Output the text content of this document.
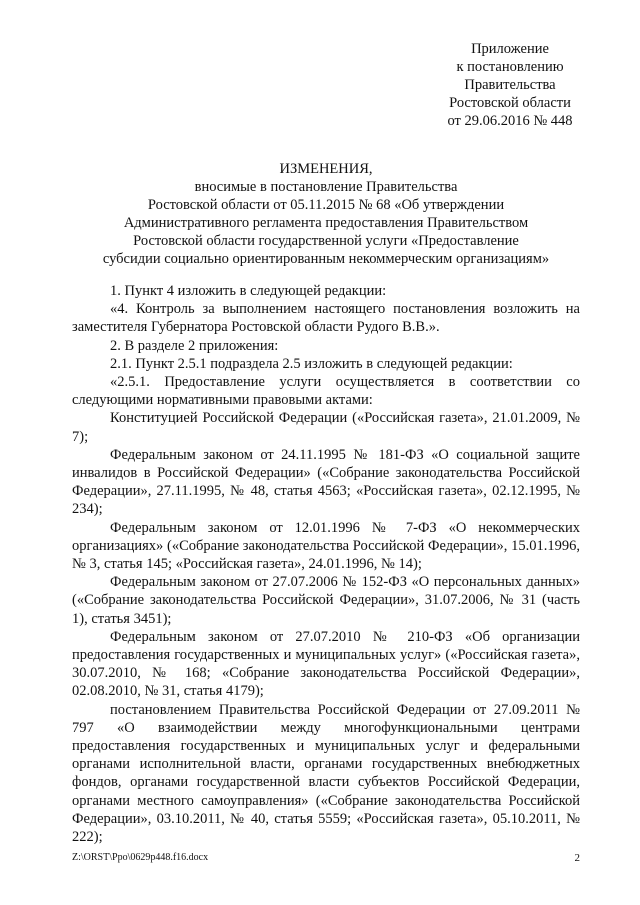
Приложение
к постановлению
Правительства
Ростовской области
от 29.06.2016 № 448
ИЗМЕНЕНИЯ,
вносимые в постановление Правительства
Ростовской области от 05.11.2015 № 68 «Об утверждении
Административного регламента предоставления Правительством
Ростовской области государственной услуги «Предоставление
субсидии социально ориентированным некоммерческим организациям»

1. Пункт 4 изложить в следующей редакции:

«4. Контроль за выполнением настоящего постановления возложить на заместителя Губернатора Ростовской области Рудого В.В.».

2. В разделе 2 приложения:

2.1. Пункт 2.5.1 подраздела 2.5 изложить в следующей редакции:

«2.5.1. Предоставление услуги осуществляется в соответствии со следующими нормативными правовыми актами:

Конституцией Российской Федерации («Российская газета», 21.01.2009, № 7);

Федеральным законом от 24.11.1995 № 181-ФЗ «О социальной защите инвалидов в Российской Федерации» («Собрание законодательства Российской Федерации», 27.11.1995, № 48, статья 4563; «Российская газета», 02.12.1995, № 234);

Федеральным законом от 12.01.1996 № 7-ФЗ «О некоммерческих организациях» («Собрание законодательства Российской Федерации», 15.01.1996, № 3, статья 145; «Российская газета», 24.01.1996, № 14);

Федеральным законом от 27.07.2006 № 152-ФЗ «О персональных данных» («Собрание законодательства Российской Федерации», 31.07.2006, № 31 (часть 1), статья 3451);

Федеральным законом от 27.07.2010 № 210-ФЗ «Об организации предоставления государственных и муниципальных услуг» («Российская газета», 30.07.2010, № 168; «Собрание законодательства Российской Федерации», 02.08.2010, № 31, статья 4179);

постановлением Правительства Российской Федерации от 27.09.2011 № 797 «О взаимодействии между многофункциональными центрами предоставления государственных и муниципальных услуг и федеральными органами исполнительной власти, органами государственных внебюджетных фондов, органами государственной власти субъектов Российской Федерации, органами местного самоуправления» («Собрание законодательства Российской Федерации», 03.10.2011, № 40, статья 5559; «Российская газета», 05.10.2011, № 222);

Z:\ORST\Ppo\0629p448.f16.docx	2
